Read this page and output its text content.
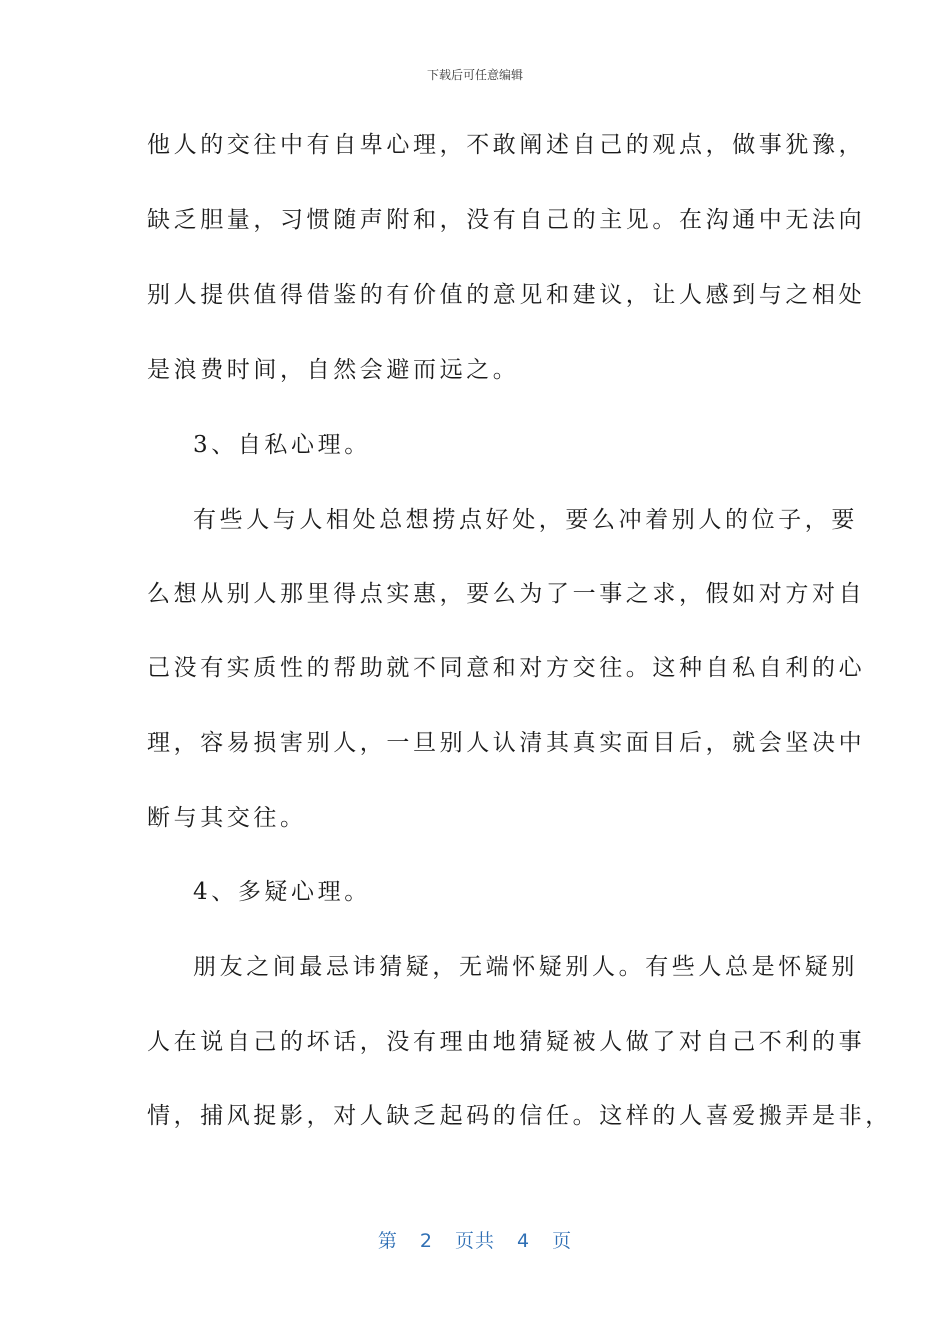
下载后可任意编辑
他人的交往中有自卑心理，不敢阐述自己的观点，做事犹豫，
缺乏胆量，习惯随声附和，没有自己的主见。在沟通中无法向
别人提供值得借鉴的有价值的意见和建议，让人感到与之相处
是浪费时间，自然会避而远之。
3、自私心理。
有些人与人相处总想捞点好处，要么冲着别人的位子，要
么想从别人那里得点实惠，要么为了一事之求，假如对方对自
己没有实质性的帮助就不同意和对方交往。这种自私自利的心
理，容易损害别人，一旦别人认清其真实面目后，就会坚决中
断与其交往。
4、多疑心理。
朋友之间最忌讳猜疑，无端怀疑别人。有些人总是怀疑别
人在说自己的坏话，没有理由地猜疑被人做了对自己不利的事
情，捕风捉影，对人缺乏起码的信任。这样的人喜爱搬弄是非，
第 2 页共 4 页
